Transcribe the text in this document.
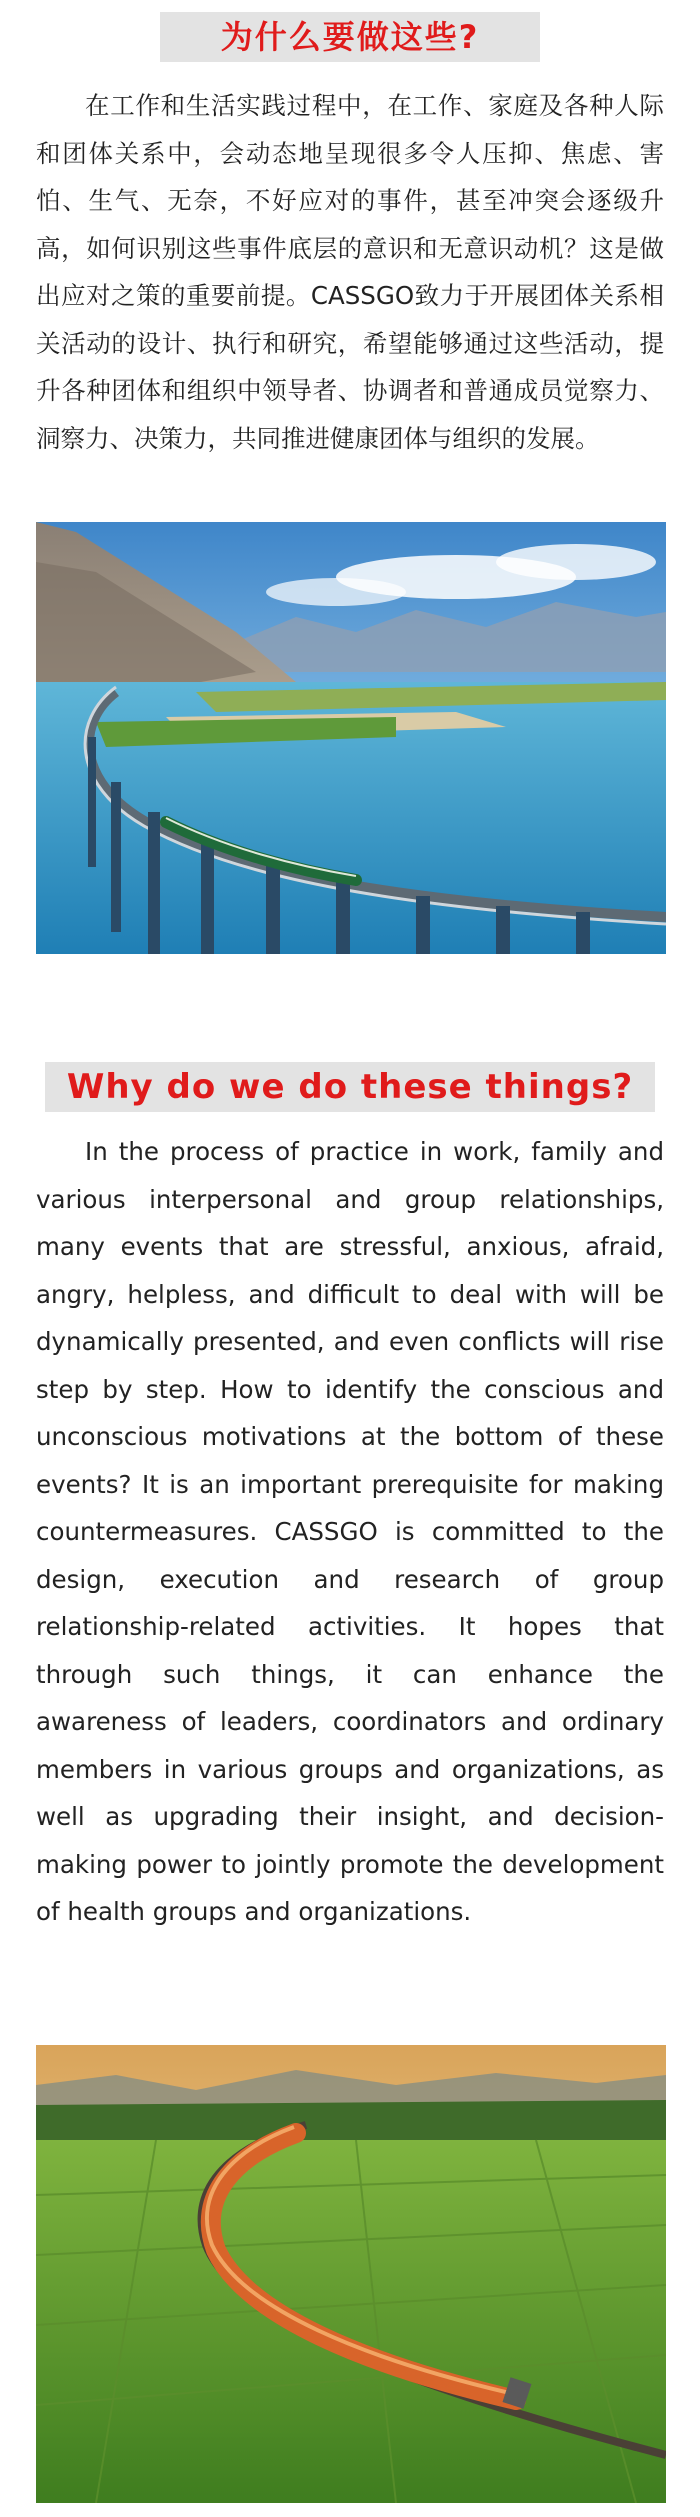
为什么要做这些?

在工作和生活实践过程中，在工作、家庭及各种人际和团体关系中，会动态地呈现很多令人压抑、焦虑、害怕、生气、无奈，不好应对的事件，甚至冲突会逐级升高，如何识别这些事件底层的意识和无意识动机？这是做出应对之策的重要前提。CASSGO致力于开展团体关系相关活动的设计、执行和研究，希望能够通过这些活动，提升各种团体和组织中领导者、协调者和普通成员觉察力、洞察力、决策力，共同推进健康团体与组织的发展。

Why do we do these things?

In the process of practice in work, family and various interpersonal and group relationships, many events that are stressful, anxious, afraid, angry, helpless, and difficult to deal with will be dynamically presented, and even conflicts will rise step by step. How to identify the conscious and unconscious motivations at the bottom of these events? It is an important prerequisite for making countermeasures. CASSGO is committed to the design, execution and research of group relationship-related activities. It hopes that through such things, it can enhance the awareness of leaders, coordinators and ordinary members in various groups and organizations, as well as upgrading their insight, and decision-making power to jointly promote the development of health groups and organizations.
